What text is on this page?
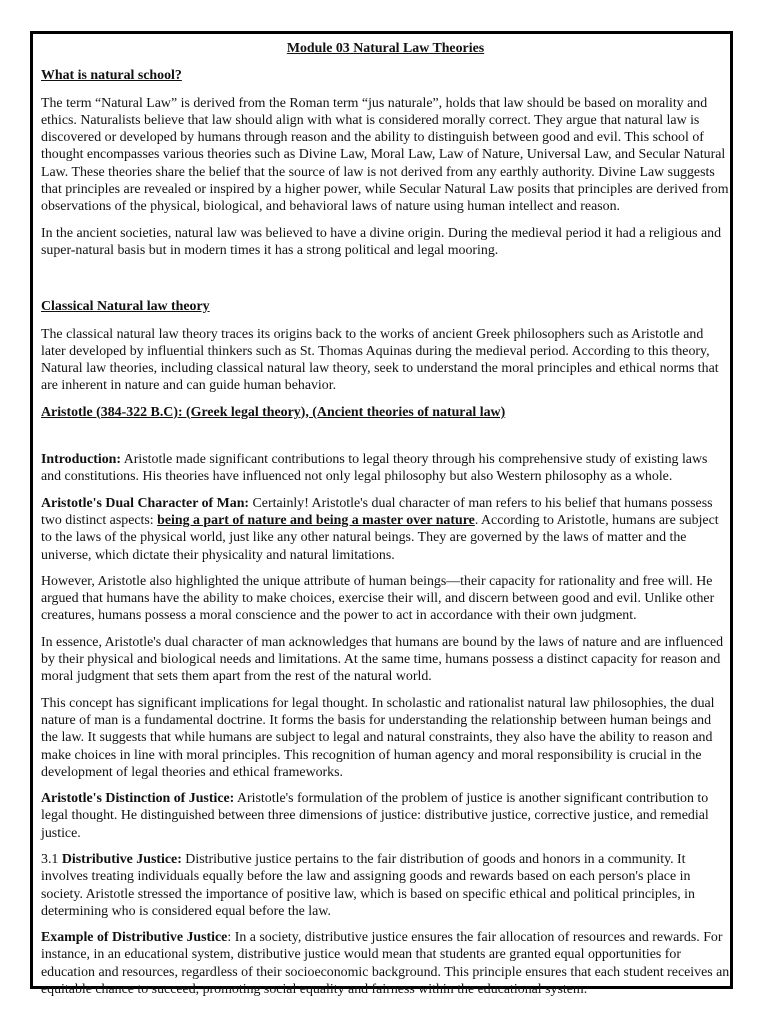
Module 03 Natural Law Theories
What is natural school?

The term “Natural Law” is derived from the Roman term “jus naturale”, holds that law should be based on morality and ethics. Naturalists believe that law should align with what is considered morally correct. They argue that natural law is discovered or developed by humans through reason and the ability to distinguish between good and evil. This school of thought encompasses various theories such as Divine Law, Moral Law, Law of Nature, Universal Law, and Secular Natural Law. These theories share the belief that the source of law is not derived from any earthly authority. Divine Law suggests that principles are revealed or inspired by a higher power, while Secular Natural Law posits that principles are derived from observations of the physical, biological, and behavioral laws of nature using human intellect and reason.

In the ancient societies, natural law was believed to have a divine origin. During the medieval period it had a religious and super-natural basis but in modern times it has a strong political and legal mooring.

Classical Natural law theory

The classical natural law theory traces its origins back to the works of ancient Greek philosophers such as Aristotle and later developed by influential thinkers such as St. Thomas Aquinas during the medieval period. According to this theory, Natural law theories, including classical natural law theory, seek to understand the moral principles and ethical norms that are inherent in nature and can guide human behavior.

Aristotle (384-322 B.C): (Greek legal theory), (Ancient theories of natural law)

Introduction: Aristotle made significant contributions to legal theory through his comprehensive study of existing laws and constitutions. His theories have influenced not only legal philosophy but also Western philosophy as a whole.

Aristotle's Dual Character of Man: Certainly! Aristotle's dual character of man refers to his belief that humans possess two distinct aspects: being a part of nature and being a master over nature. According to Aristotle, humans are subject to the laws of the physical world, just like any other natural beings. They are governed by the laws of matter and the universe, which dictate their physicality and natural limitations.

However, Aristotle also highlighted the unique attribute of human beings—their capacity for rationality and free will. He argued that humans have the ability to make choices, exercise their will, and discern between good and evil. Unlike other creatures, humans possess a moral conscience and the power to act in accordance with their own judgment.

In essence, Aristotle's dual character of man acknowledges that humans are bound by the laws of nature and are influenced by their physical and biological needs and limitations. At the same time, humans possess a distinct capacity for reason and moral judgment that sets them apart from the rest of the natural world.

This concept has significant implications for legal thought. In scholastic and rationalist natural law philosophies, the dual nature of man is a fundamental doctrine. It forms the basis for understanding the relationship between human beings and the law. It suggests that while humans are subject to legal and natural constraints, they also have the ability to reason and make choices in line with moral principles. This recognition of human agency and moral responsibility is crucial in the development of legal theories and ethical frameworks.

Aristotle's Distinction of Justice: Aristotle's formulation of the problem of justice is another significant contribution to legal thought. He distinguished between three dimensions of justice: distributive justice, corrective justice, and remedial justice.

3.1 Distributive Justice: Distributive justice pertains to the fair distribution of goods and honors in a community. It involves treating individuals equally before the law and assigning goods and rewards based on each person's place in society. Aristotle stressed the importance of positive law, which is based on specific ethical and political principles, in determining who is considered equal before the law.

Example of Distributive Justice: In a society, distributive justice ensures the fair allocation of resources and rewards. For instance, in an educational system, distributive justice would mean that students are granted equal opportunities for education and resources, regardless of their socioeconomic background. This principle ensures that each student receives an equitable chance to succeed, promoting social equality and fairness within the educational system.
